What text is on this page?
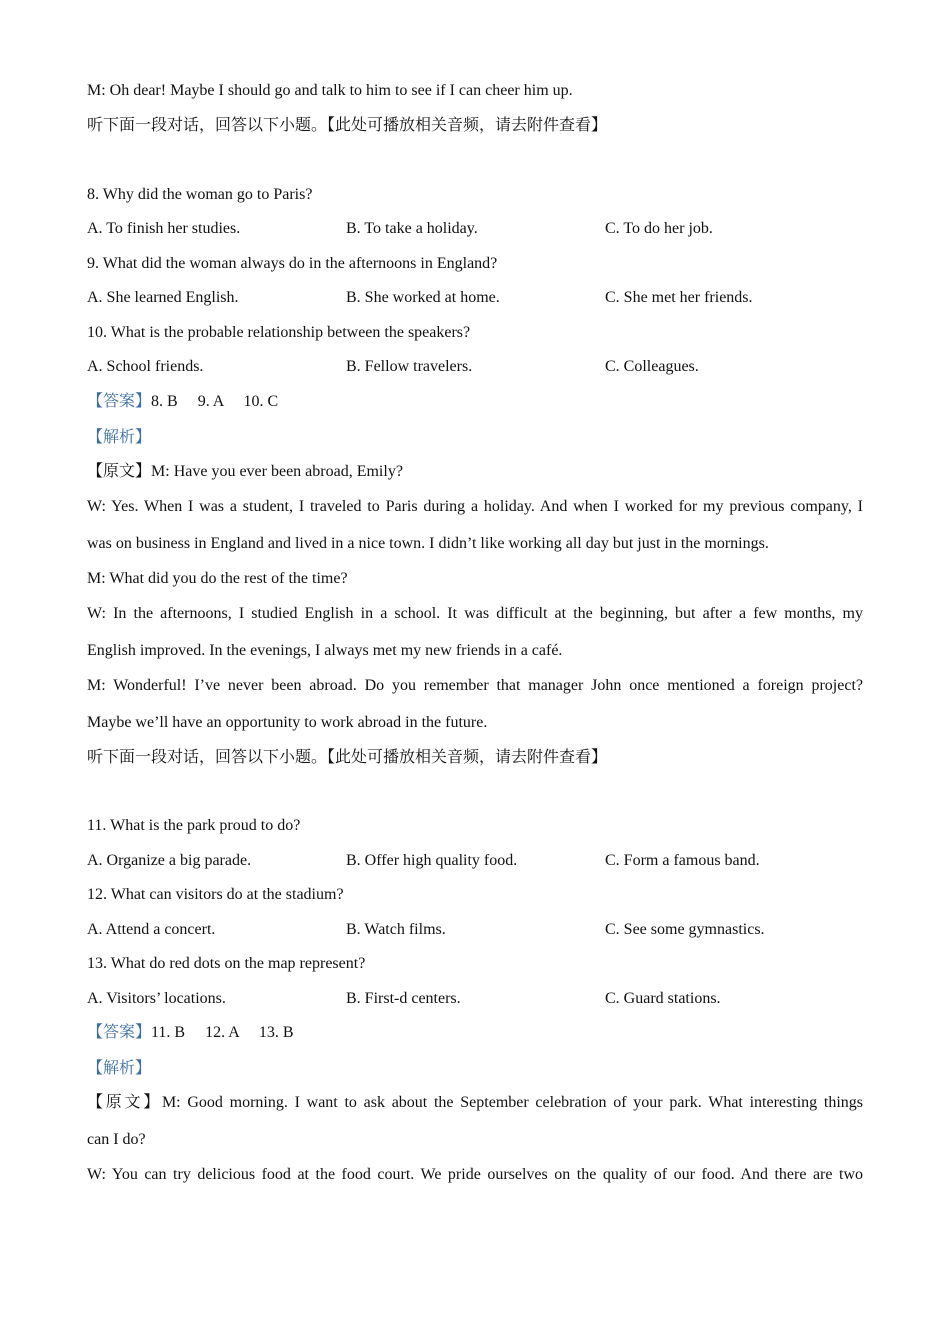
M: Oh dear! Maybe I should go and talk to him to see if I can cheer him up.
听下面一段对话，回答以下小题。【此处可播放相关音频，请去附件查看】
8. Why did the woman go to Paris?
A. To finish her studies.	B. To take a holiday.	C. To do her job.
9. What did the woman always do in the afternoons in England?
A. She learned English.	B. She worked at home.	C. She met her friends.
10. What is the probable relationship between the speakers?
A. School friends.	B. Fellow travelers.	C. Colleagues.
【答案】8. B　 9. A　 10. C
【解析】
【原文】M: Have you ever been abroad, Emily?
W: Yes. When I was a student, I traveled to Paris during a holiday. And when I worked for my previous company, I
was on business in England and lived in a nice town. I didn’t like working all day but just in the mornings.
M: What did you do the rest of the time?
W: In the afternoons, I studied English in a school. It was difficult at the beginning, but after a few months, my
English improved. In the evenings, I always met my new friends in a café.
M: Wonderful! I’ve never been abroad. Do you remember that manager John once mentioned a foreign project?
Maybe we’ll have an opportunity to work abroad in the future.
听下面一段对话，回答以下小题。【此处可播放相关音频，请去附件查看】
11. What is the park proud to do?
A. Organize a big parade.	B. Offer high quality food.	C. Form a famous band.
12. What can visitors do at the stadium?
A. Attend a concert.	B. Watch films.	C. See some gymnastics.
13. What do red dots on the map represent?
A. Visitors’ locations.	B. First-d centers.	C. Guard stations.
【答案】11. B　 12. A　 13. B
【解析】
【原文】M: Good morning. I want to ask about the September celebration of your park. What interesting things
can I do?
W: You can try delicious food at the food court. We pride ourselves on the quality of our food. And there are two
